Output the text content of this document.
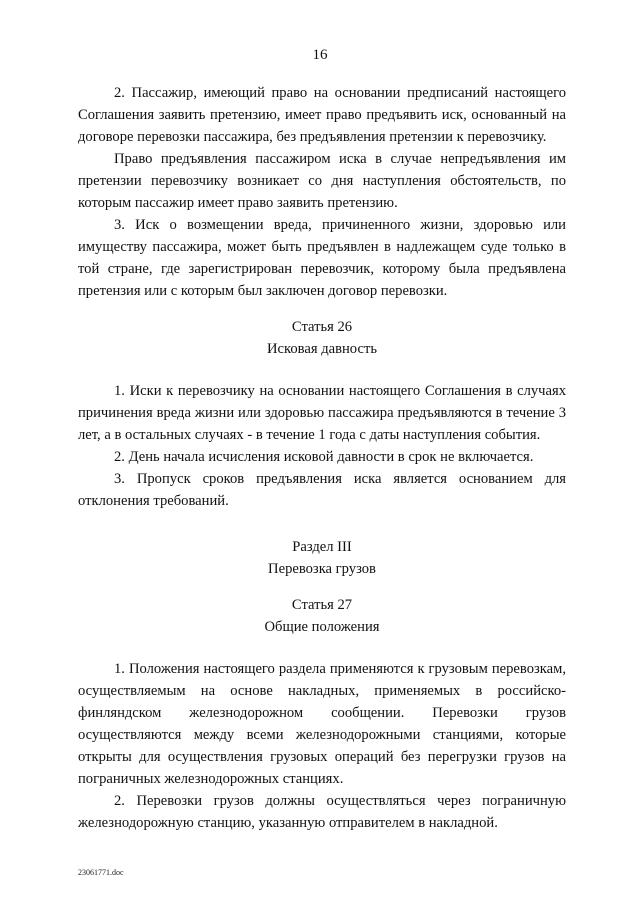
16

2. Пассажир, имеющий право на основании предписаний настоящего Соглашения заявить претензию, имеет право предъявить иск, основанный на договоре перевозки пассажира, без предъявления претензии к перевозчику.

Право предъявления пассажиром иска в случае непредъявления им претензии перевозчику возникает со дня наступления обстоятельств, по которым пассажир имеет право заявить претензию.

3. Иск о возмещении вреда, причиненного жизни, здоровью или имуществу пассажира, может быть предъявлен в надлежащем суде только в той стране, где зарегистрирован перевозчик, которому была предъявлена претензия или с которым был заключен договор перевозки.

Статья 26

Исковая давность

1. Иски к перевозчику на основании настоящего Соглашения в случаях причинения вреда жизни или здоровью пассажира предъявляются в течение 3 лет, а в остальных случаях - в течение 1 года с даты наступления события.

2. День начала исчисления исковой давности в срок не включается.

3. Пропуск сроков предъявления иска является основанием для отклонения требований.

Раздел III

Перевозка грузов

Статья 27

Общие положения

1. Положения настоящего раздела применяются к грузовым перевозкам, осуществляемым на основе накладных, применяемых в российско-финляндском железнодорожном сообщении. Перевозки грузов осуществляются между всеми железнодорожными станциями, которые открыты для осуществления грузовых операций без перегрузки грузов на пограничных железнодорожных станциях.

2. Перевозки грузов должны осуществляться через пограничную железнодорожную станцию, указанную отправителем в накладной.

23061771.doc
